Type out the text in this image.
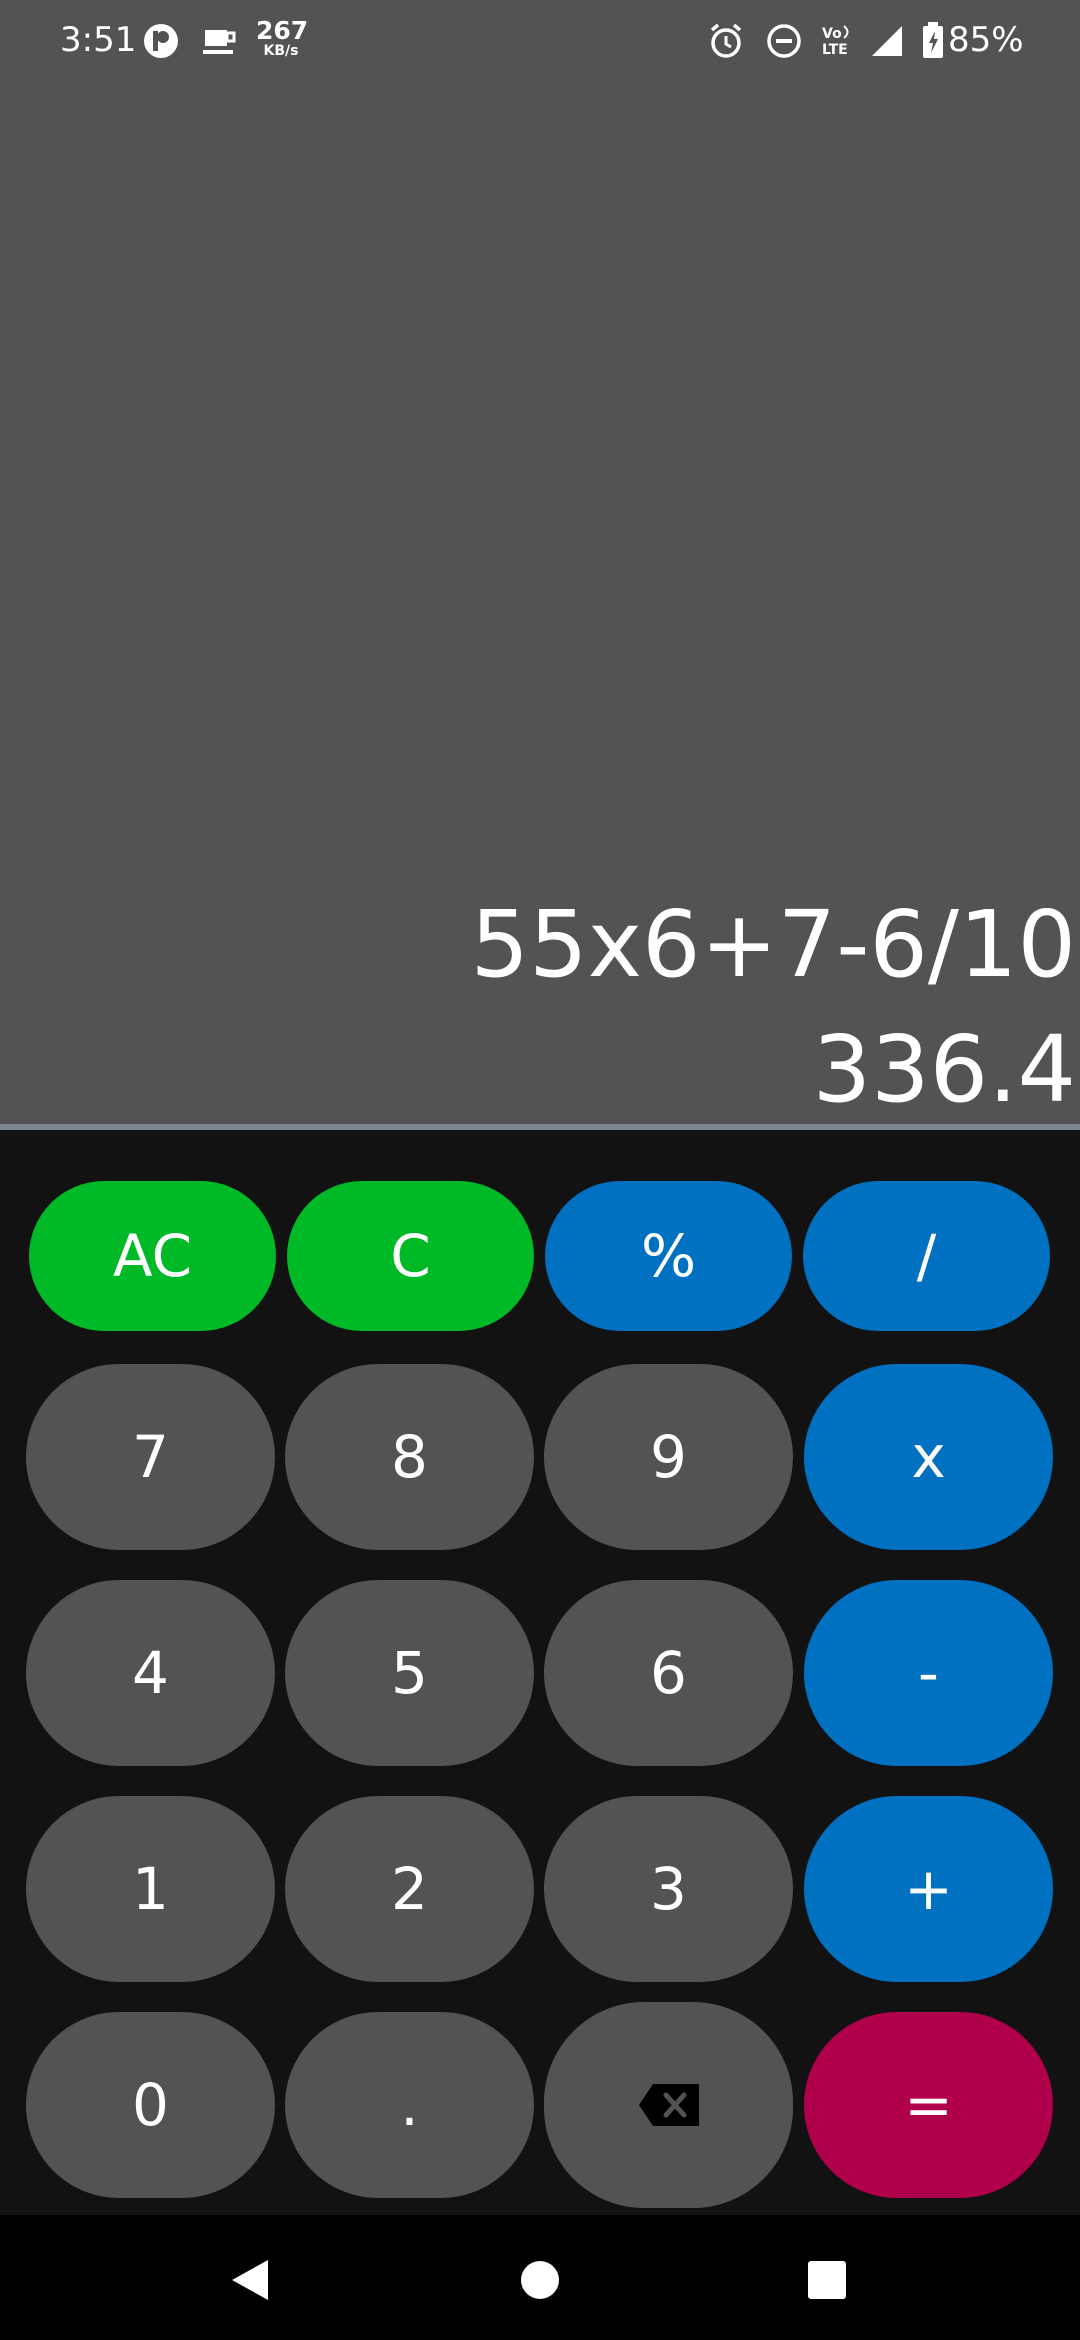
3:51	267
KB/s
Vo
LTE	85%
55x6+7-6/10
336.4
AC	C	%	/
7	8	9	x
4	5	6	-
1	2	3	+
0	.	=
